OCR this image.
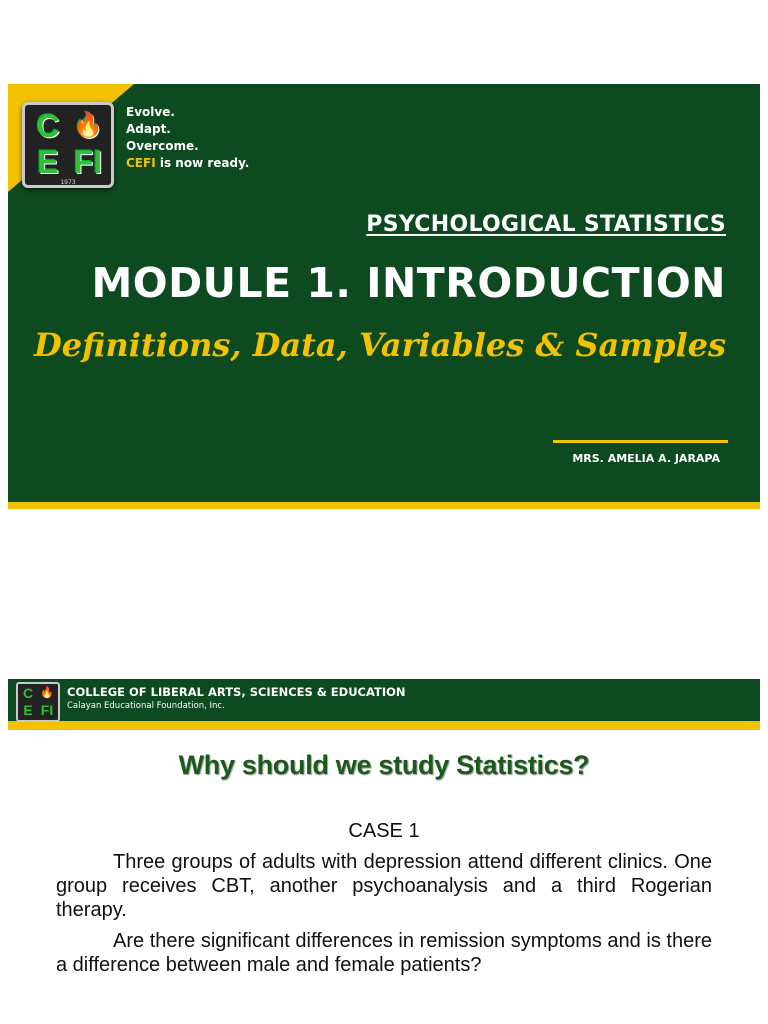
C 🔥
E FI
1973
Evolve.
Adapt.
Overcome.
CEFI is now ready.
PSYCHOLOGICAL STATISTICS
MODULE 1. INTRODUCTION
Definitions, Data, Variables & Samples
MRS. AMELIA A. JARAPA
C 🔥
E FI
COLLEGE OF LIBERAL ARTS, SCIENCES & EDUCATION
Calayan Educational Foundation, Inc.
Why should we study Statistics?
CASE 1

Three groups of adults with depression attend different clinics. One group receives CBT, another psychoanalysis and a third Rogerian therapy.

Are there significant differences in remission symptoms and is there a difference between male and female patients?
